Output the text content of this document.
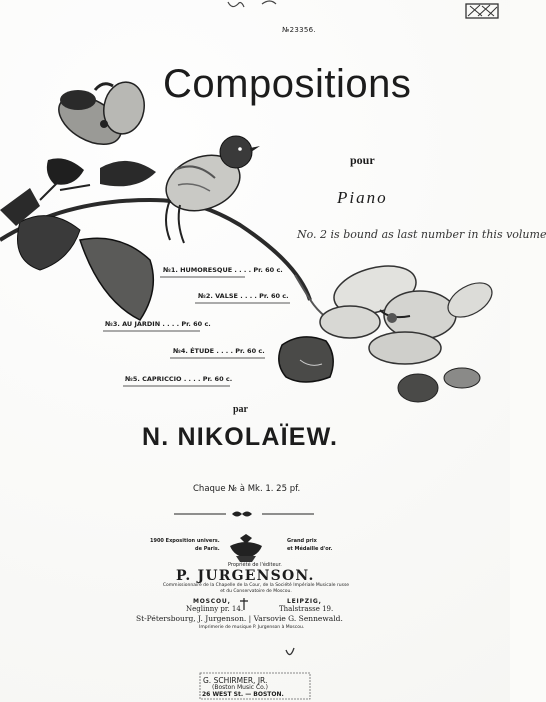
№23356.
Compositions
pour
Piano
No. 2 is bound as last number in this volume
№1. HUMORESQUE . . . . Pr. 60 c.
№2. VALSE . . . . Pr. 60 c.
№3. AU JARDIN . . . . Pr. 60 c.
№4. ÉTUDE . . . . Pr. 60 c.
№5. CAPRICCIO . . . . Pr. 60 c.
par
N. NIKOLAÏEW.
Chaque № à Mk. 1. 25 pf.
1900 Exposition univers.
de Paris.
Grand prix
et Médaille d'or.
Propriété de l'éditeur.
P. JURGENSON.
Commissionnaire de la Chapelle de la Cour, de la Société Impériale Musicale russe
et du Conservatoire de Moscou.
MOSCOU,	LEIPZIG,
Neglinny pr. 14.	Thalstrasse 19.
St-Pétersbourg, J. Jurgenson. | Varsovie G. Sennewald.
Imprimerie de musique P. Jurgenson à Moscou.
G. SCHIRMER, JR.
(Boston Music Co.)
26 WEST St. — BOSTON.
